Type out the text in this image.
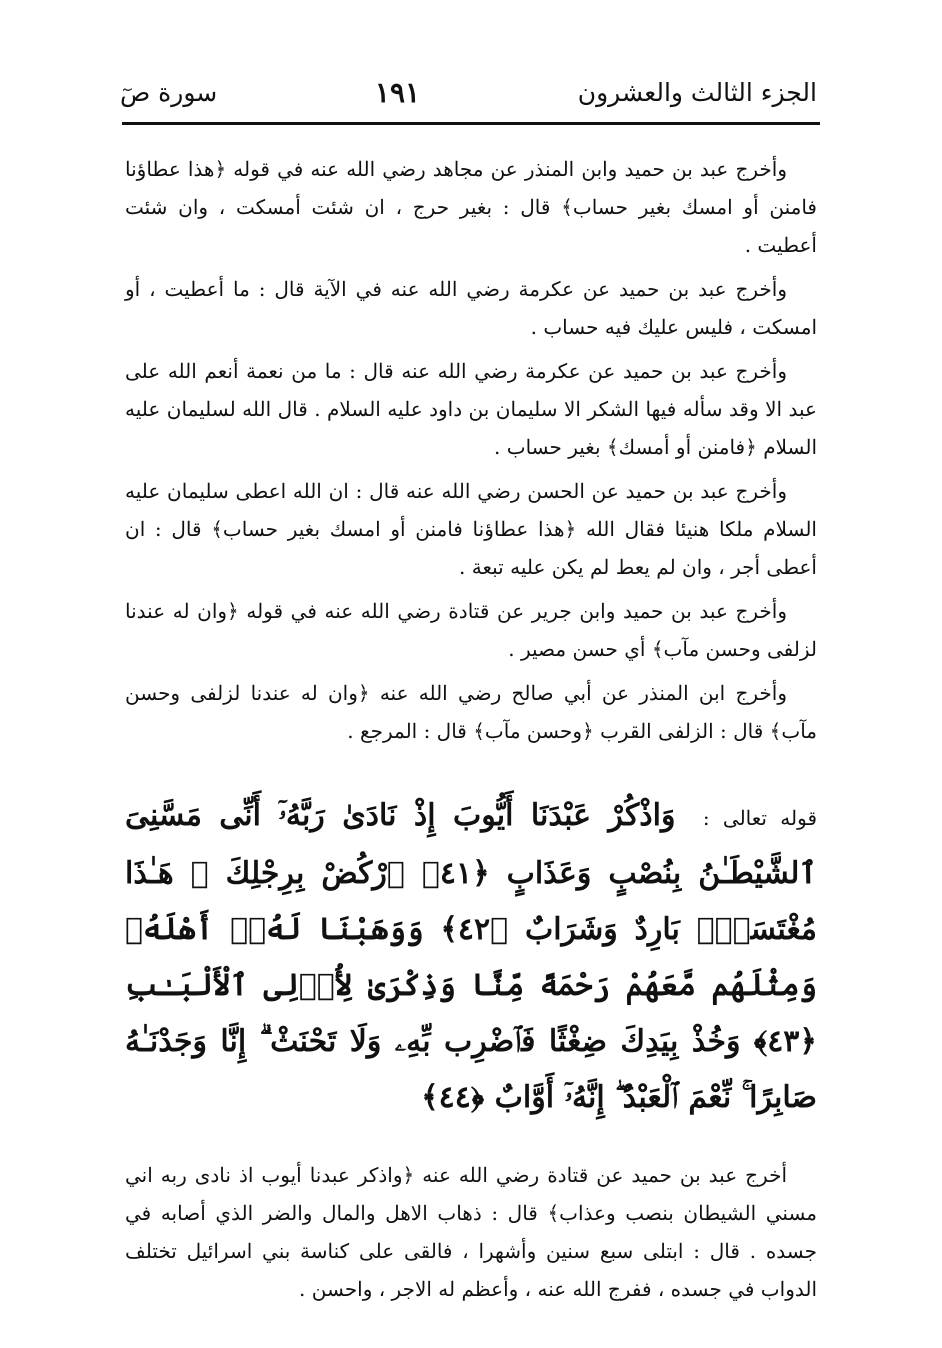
الجزء الثالث والعشرون
١٩١
سورة صٓ

وأخرج عبد بن حميد وابن المنذر عن مجاهد رضي الله عنه في قوله ﴿هذا عطاؤنا فامنن أو امسك بغير حساب﴾ قال : بغير حرج ، ان شئت أمسكت ، وان شئت أعطيت .

وأخرج عبد بن حميد عن عكرمة رضي الله عنه في الآية قال : ما أعطيت ، أو امسكت ، فليس عليك فيه حساب .

وأخرج عبد بن حميد عن عكرمة رضي الله عنه قال : ما من نعمة أنعم الله على عبد الا وقد سأله فيها الشكر الا سليمان بن داود عليه السلام . قال الله لسليمان عليه السلام ﴿فامنن أو أمسك﴾ بغير حساب .

وأخرج عبد بن حميد عن الحسن رضي الله عنه قال : ان الله اعطى سليمان عليه السلام ملكا هنيئا فقال الله ﴿هذا عطاؤنا فامنن أو امسك بغير حساب﴾ قال : ان أعطى أجر ، وان لم يعط لم يكن عليه تبعة .

وأخرج عبد بن حميد وابن جرير عن قتادة رضي الله عنه في قوله ﴿وان له عندنا لزلفى وحسن مآب﴾ أي حسن مصير .

وأخرج ابن المنذر عن أبي صالح رضي الله عنه ﴿وان له عندنا لزلفى وحسن مآب﴾ قال : الزلفى القرب ﴿وحسن مآب﴾ قال : المرجع .

قوله تعالى : وَاذْكُرْ عَبْدَنَا أَيُّوبَ إِذْ نَادَىٰ رَبَّهُۥٓ أَنِّى مَسَّنِىَ ٱلشَّيْطَـٰنُ بِنُصْبٍ وَعَذَابٍ ﴿٤١﴾ ٱرْكُضْ بِرِجْلِكَ ۖ هَـٰذَا مُغْتَسَلٌۢ بَارِدٌ وَشَرَابٌ ﴿٤٢﴾ وَوَهَبْنَا لَهُۥٓ أَهْلَهُۥ وَمِثْلَهُم مَّعَهُمْ رَحْمَةً مِّنَّا وَذِكْرَىٰ لِأُو۟لِى ٱلْأَلْبَـٰبِ ﴿٤٣﴾ وَخُذْ بِيَدِكَ ضِغْثًا فَٱضْرِب بِّهِۦ وَلَا تَحْنَثْ ۗ إِنَّا وَجَدْنَـٰهُ صَابِرًا ۚ نِّعْمَ ٱلْعَبْدُ ۖ إِنَّهُۥٓ أَوَّابٌ ﴿٤٤﴾

أخرج عبد بن حميد عن قتادة رضي الله عنه ﴿واذكر عبدنا أيوب اذ نادى ربه اني مسني الشيطان بنصب وعذاب﴾ قال : ذهاب الاهل والمال والضر الذي أصابه في جسده . قال : ابتلى سبع سنين وأشهرا ، فالقى على كناسة بني اسرائيل تختلف الدواب في جسده ، ففرج الله عنه ، وأعظم له الاجر ، واحسن .
